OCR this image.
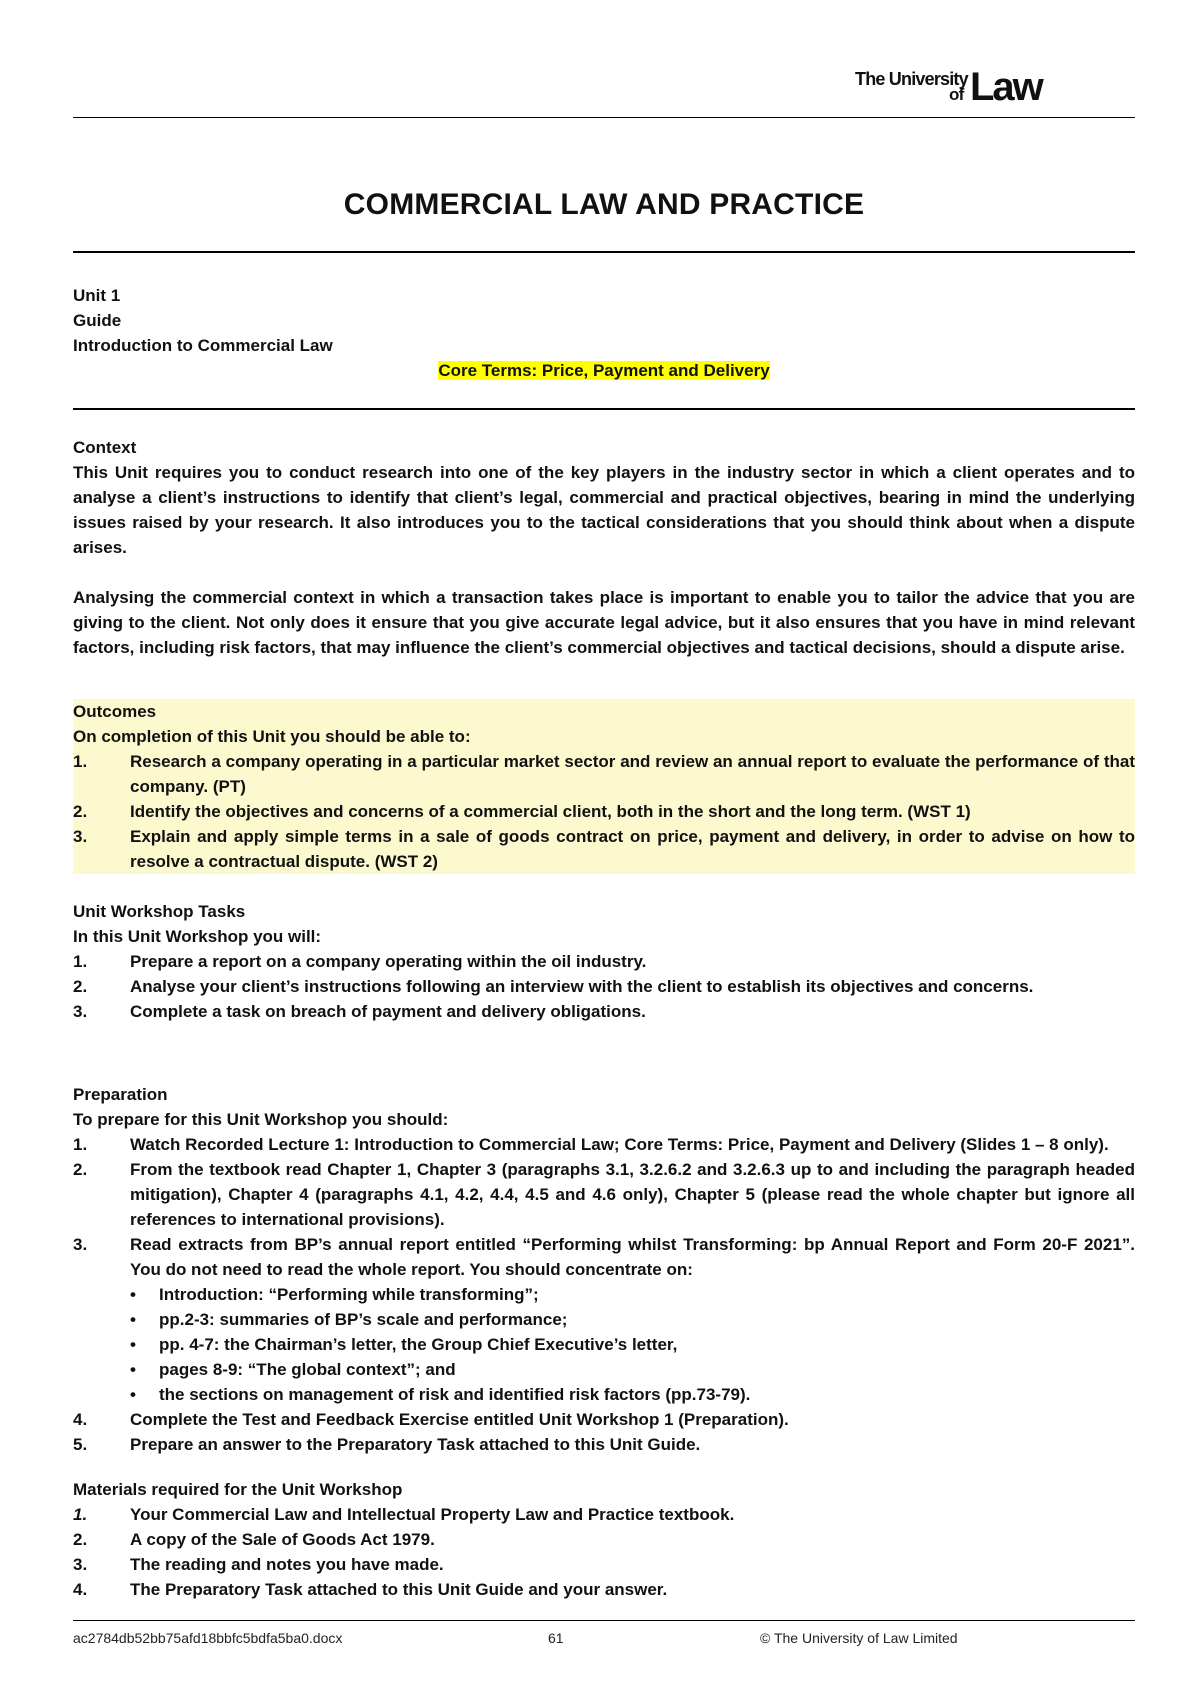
The University
of Law
COMMERCIAL LAW AND PRACTICE

Unit 1

Guide

Introduction to Commercial Law

Core Terms: Price, Payment and Delivery

Context

This Unit requires you to conduct research into one of the key players in the industry sector in which a client operates and to analyse a client’s instructions to identify that client’s legal, commercial and practical objectives, bearing in mind the underlying issues raised by your research. It also introduces you to the tactical considerations that you should think about when a dispute arises.

Analysing the commercial context in which a transaction takes place is important to enable you to tailor the advice that you are giving to the client. Not only does it ensure that you give accurate legal advice, but it also ensures that you have in mind relevant factors, including risk factors, that may influence the client’s commercial objectives and tactical decisions, should a dispute arise.

Outcomes

On completion of this Unit you should be able to:

1.	Research a company operating in a particular market sector and review an annual report to evaluate the performance of that company. (PT)
2.	Identify the objectives and concerns of a commercial client, both in the short and the long term. (WST 1)
3.	Explain and apply simple terms in a sale of goods contract on price, payment and delivery, in order to advise on how to resolve a contractual dispute. (WST 2)

Unit Workshop Tasks

In this Unit Workshop you will:

1.	Prepare a report on a company operating within the oil industry.
2.	Analyse your client’s instructions following an interview with the client to establish its objectives and concerns.
3.	Complete a task on breach of payment and delivery obligations.

Preparation

To prepare for this Unit Workshop you should:

1.	Watch Recorded Lecture 1: Introduction to Commercial Law; Core Terms: Price, Payment and Delivery (Slides 1 – 8 only).
2.	From the textbook read Chapter 1, Chapter 3 (paragraphs 3.1, 3.2.6.2 and 3.2.6.3 up to and including the paragraph headed mitigation), Chapter 4 (paragraphs 4.1, 4.2, 4.4, 4.5 and 4.6 only), Chapter 5 (please read the whole chapter but ignore all references to international provisions).
3.	Read extracts from BP’s annual report entitled “Performing whilst Transforming: bp Annual Report and Form 20-F 2021”. You do not need to read the whole report. You should concentrate on:
• Introduction: “Performing while transforming”;
• pp.2-3: summaries of BP’s scale and performance;
• pp. 4-7: the Chairman’s letter, the Group Chief Executive’s letter,
• pages 8-9: “The global context”; and
• the sections on management of risk and identified risk factors (pp.73-79).
4.	Complete the Test and Feedback Exercise entitled Unit Workshop 1 (Preparation).
5.	Prepare an answer to the Preparatory Task attached to this Unit Guide.

Materials required for the Unit Workshop

1.	Your Commercial Law and Intellectual Property Law and Practice textbook.
2.	A copy of the Sale of Goods Act 1979.
3.	The reading and notes you have made.
4.	The Preparatory Task attached to this Unit Guide and your answer.
ac2784db52bb75afd18bbfc5bdfa5ba0.docx	61	© The University of Law Limited
